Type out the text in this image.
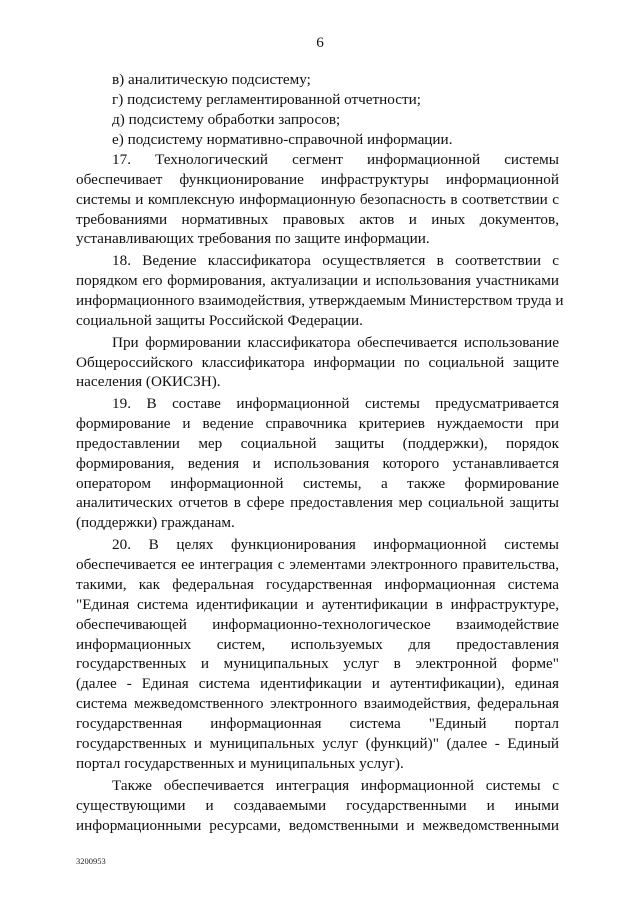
6
в) аналитическую подсистему;
г) подсистему регламентированной отчетности;
д) подсистему обработки запросов;
е) подсистему нормативно-справочной информации.
17. Технологический сегмент информационной системы
обеспечивает функционирование инфраструктуры информационной
системы и комплексную информационную безопасность в соответствии с
требованиями нормативных правовых актов и иных документов,
устанавливающих требования по защите информации.
18. Ведение классификатора осуществляется в соответствии с
порядком его формирования, актуализации и использования участниками
информационного взаимодействия, утверждаемым Министерством труда и
социальной защиты Российской Федерации.
При формировании классификатора обеспечивается использование
Общероссийского классификатора информации по социальной защите
населения (ОКИСЗН).
19. В составе информационной системы предусматривается
формирование и ведение справочника критериев нуждаемости при
предоставлении мер социальной защиты (поддержки), порядок
формирования, ведения и использования которого устанавливается
оператором информационной системы, а также формирование
аналитических отчетов в сфере предоставления мер социальной защиты
(поддержки) гражданам.
20. В целях функционирования информационной системы
обеспечивается ее интеграция с элементами электронного правительства,
такими, как федеральная государственная информационная система
"Единая система идентификации и аутентификации в инфраструктуре,
обеспечивающей информационно-технологическое взаимодействие
информационных систем, используемых для предоставления
государственных и муниципальных услуг в электронной форме"
(далее - Единая система идентификации и аутентификации), единая
система межведомственного электронного взаимодействия, федеральная
государственная информационная система "Единый портал
государственных и муниципальных услуг (функций)" (далее - Единый
портал государственных и муниципальных услуг).
Также обеспечивается интеграция информационной системы с
существующими и создаваемыми государственными и иными
информационными ресурсами, ведомственными и межведомственными
3200953
